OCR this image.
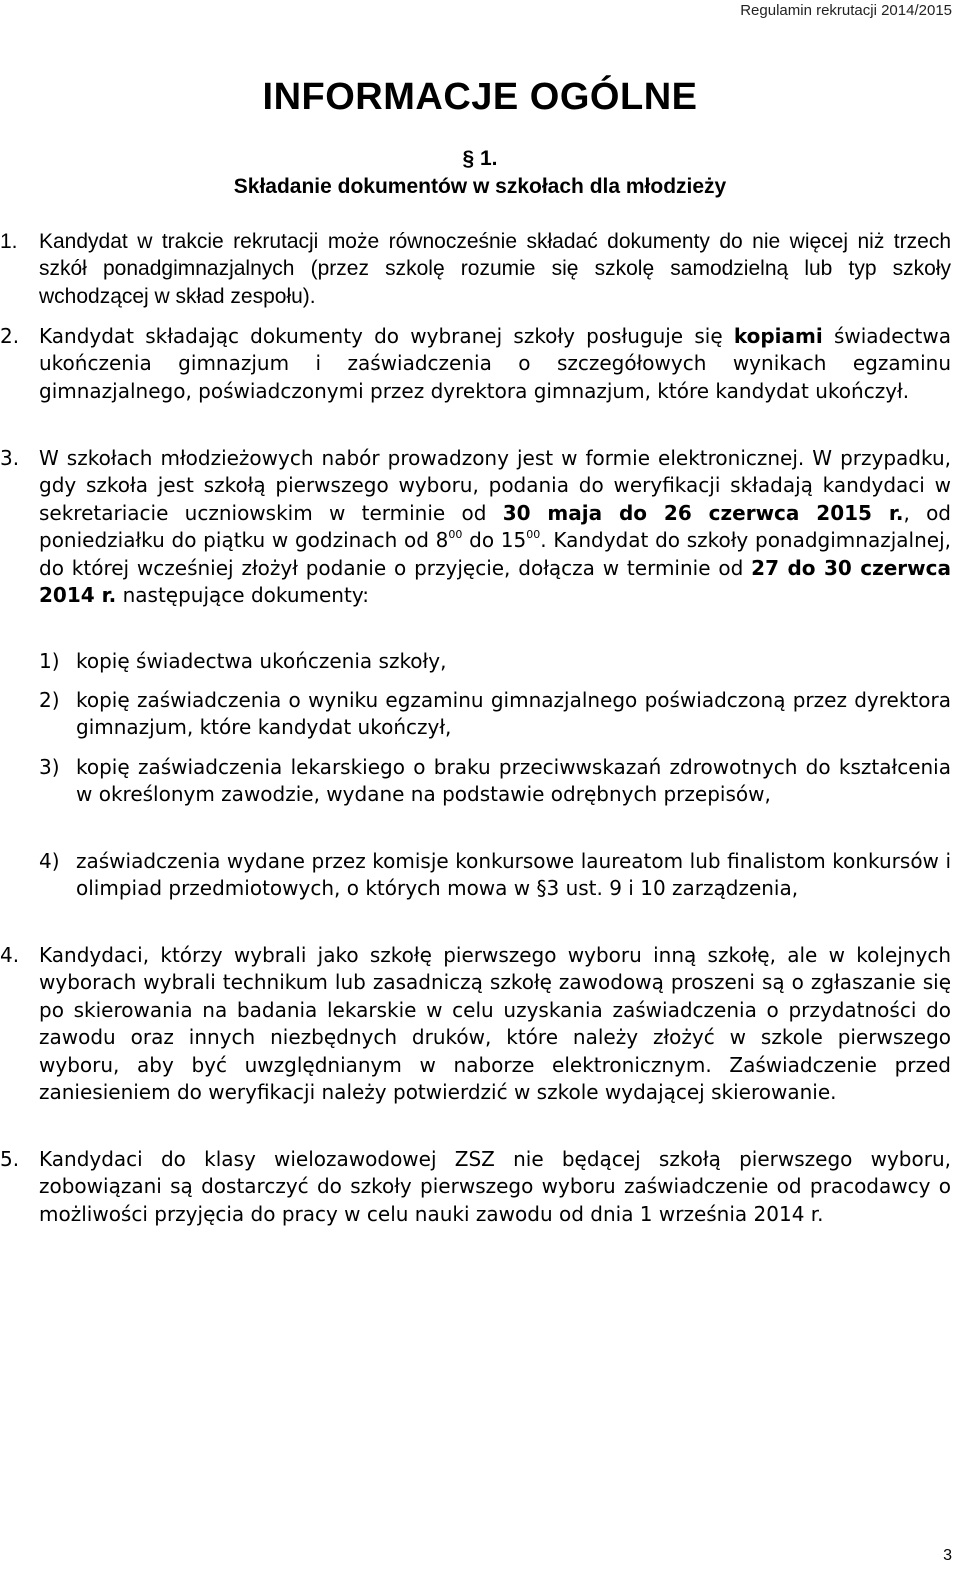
Regulamin rekrutacji 2014/2015
INFORMACJE OGÓLNE
§ 1.
Składanie dokumentów w szkołach dla młodzieży
1. Kandydat w trakcie rekrutacji może równocześnie składać dokumenty do nie więcej niż trzech szkół ponadgimnazjalnych (przez szkolę rozumie się szkolę samodzielną lub typ szkoły wchodzącej w skład zespołu).
2. Kandydat składając dokumenty do wybranej szkoły posługuje się kopiami świadectwa ukończenia gimnazjum i zaświadczenia o szczegółowych wynikach egzaminu gimnazjalnego, poświadczonymi przez dyrektora gimnazjum, które kandydat ukończył.
3. W szkołach młodzieżowych nabór prowadzony jest w formie elektronicznej. W przypadku, gdy szkoła jest szkołą pierwszego wyboru, podania do weryfikacji składają kandydaci w sekretariacie uczniowskim w terminie od 30 maja do 26 czerwca 2015 r., od poniedziałku do piątku w godzinach od $8^{00}$ do $15^{00}$. Kandydat do szkoły ponadgimnazjalnej, do której wcześniej złożył podanie o przyjęcie, dołącza w terminie od 27 do 30 czerwca 2014 r. następujące dokumenty:
1) kopię świadectwa ukończenia szkoły,
2) kopię zaświadczenia o wyniku egzaminu gimnazjalnego poświadczoną przez dyrektora gimnazjum, które kandydat ukończył,
3) kopię zaświadczenia lekarskiego o braku przeciwwskazań zdrowotnych do kształcenia w określonym zawodzie, wydane na podstawie odrębnych przepisów,
4) zaświadczenia wydane przez komisje konkursowe laureatom lub finalistom konkursów i olimpiad przedmiotowych, o których mowa w §3 ust. 9 i 10 zarządzenia,
4. Kandydaci, którzy wybrali jako szkołę pierwszego wyboru inną szkołę, ale w kolejnych wyborach wybrali technikum lub zasadniczą szkołę zawodową proszeni są o zgłaszanie się po skierowania na badania lekarskie w celu uzyskania zaświadczenia o przydatności do zawodu oraz innych niezbędnych druków, które należy złożyć w szkole pierwszego wyboru, aby być uwzględnianym w naborze elektronicznym. Zaświadczenie przed zaniesieniem do weryfikacji należy potwierdzić w szkole wydającej skierowanie.
5. Kandydaci do klasy wielozawodowej ZSZ nie będącej szkołą pierwszego wyboru, zobowiązani są dostarczyć do szkoły pierwszego wyboru zaświadczenie od pracodawcy o możliwości przyjęcia do pracy w celu nauki zawodu od dnia 1 września 2014 r.
3
